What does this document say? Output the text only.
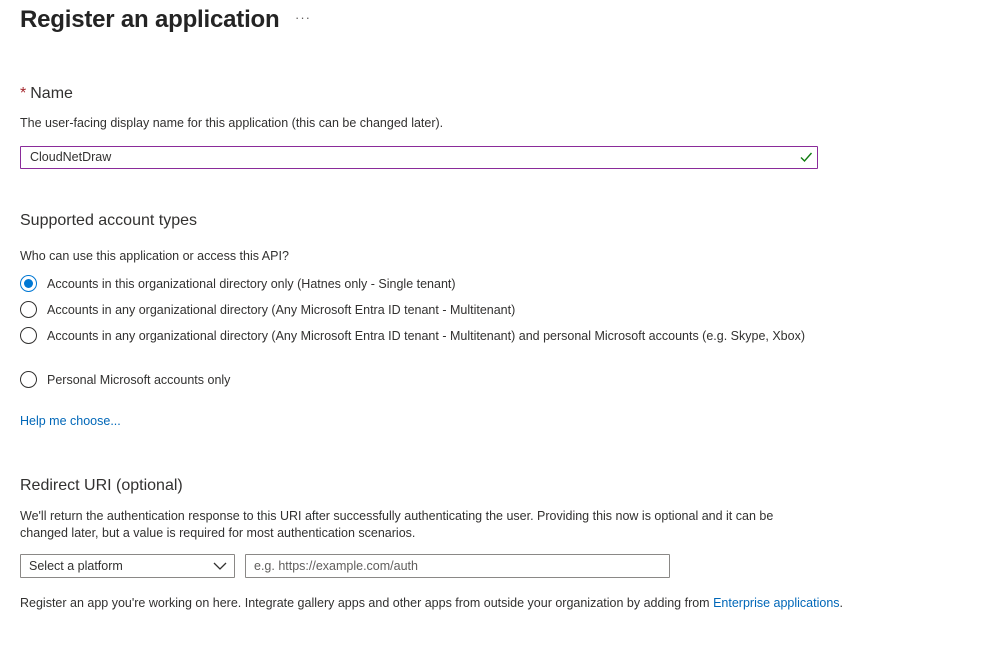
Register an application ···
* Name
The user-facing display name for this application (this can be changed later).
CloudNetDraw
Supported account types
Who can use this application or access this API?
Accounts in this organizational directory only (Hatnes only - Single tenant)
Accounts in any organizational directory (Any Microsoft Entra ID tenant - Multitenant)
Accounts in any organizational directory (Any Microsoft Entra ID tenant - Multitenant) and personal Microsoft accounts (e.g. Skype, Xbox)
Personal Microsoft accounts only
Help me choose...
Redirect URI (optional)
We'll return the authentication response to this URI after successfully authenticating the user. Providing this now is optional and it can be changed later, but a value is required for most authentication scenarios.
Select a platform
e.g. https://example.com/auth
Register an app you're working on here. Integrate gallery apps and other apps from outside your organization by adding from Enterprise applications.
